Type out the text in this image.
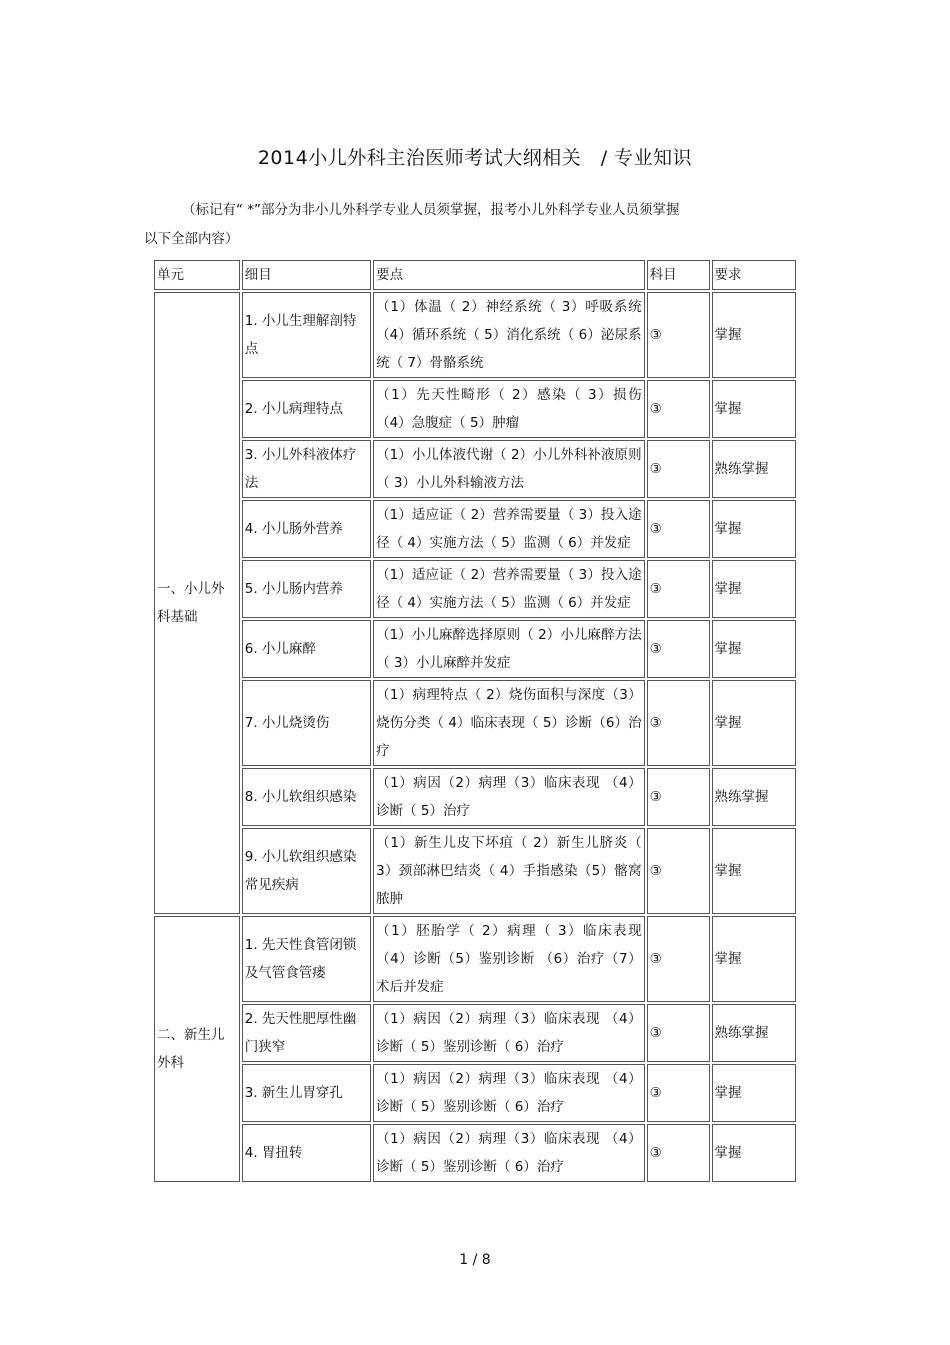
2014小儿外科主治医师考试大纲相关　/ 专业知识
（标记有“ *”部分为非小儿外科学专业人员须掌握，报考小儿外科学专业人员须掌握
以下全部内容）
单元	细目	要点	科目	要求
一、小儿外科基础	1. 小儿生理解剖特点	（1）体温（ 2）神经系统（ 3）呼吸系统（4）循环系统（ 5）消化系统（ 6）泌尿系统（ 7）骨骼系统	③	掌握
	2. 小儿病理特点	（1）先天性畸形（ 2）感染（ 3）损伤（4）急腹症（ 5）肿瘤	③	掌握
	3. 小儿外科液体疗法	（1）小儿体液代谢（ 2）小儿外科补液原则（ 3）小儿外科输液方法	③	熟练掌握
	4. 小儿肠外营养	（1）适应证（ 2）营养需要量（ 3）投入途径（ 4）实施方法（ 5）监测（ 6）并发症	③	掌握
	5. 小儿肠内营养	（1）适应证（ 2）营养需要量（ 3）投入途径（ 4）实施方法（ 5）监测（ 6）并发症	③	掌握
	6. 小儿麻醉	（1）小儿麻醉选择原则（ 2）小儿麻醉方法（ 3）小儿麻醉并发症	③	掌握
	7. 小儿烧烫伤	（1）病理特点（ 2）烧伤面积与深度（3）烧伤分类（ 4）临床表现（ 5）诊断（6）治疗	③	掌握
	8. 小儿软组织感染	（1）病因（2）病理（3）临床表现 （4）诊断（ 5）治疗	③	熟练掌握
	9. 小儿软组织感染常见疾病	（1）新生儿皮下坏疽（ 2）新生儿脐炎（ 3）颈部淋巴结炎（ 4）手指感染（5）髂窝脓肿	③	掌握
二、新生儿外科	1. 先天性食管闭锁及气管食管瘘	（1）胚胎学（ 2）病理（ 3）临床表现（4）诊断（5）鉴别诊断 （6）治疗（7）术后并发症	③	掌握
	2. 先天性肥厚性幽门狭窄	（1）病因（2）病理（3）临床表现 （4）诊断（ 5）鉴别诊断（ 6）治疗	③	熟练掌握
	3. 新生儿胃穿孔	（1）病因（2）病理（3）临床表现 （4）诊断（ 5）鉴别诊断（ 6）治疗	③	掌握
	4. 胃扭转	（1）病因（2）病理（3）临床表现 （4）诊断（ 5）鉴别诊断（ 6）治疗	③	掌握
1 / 8
